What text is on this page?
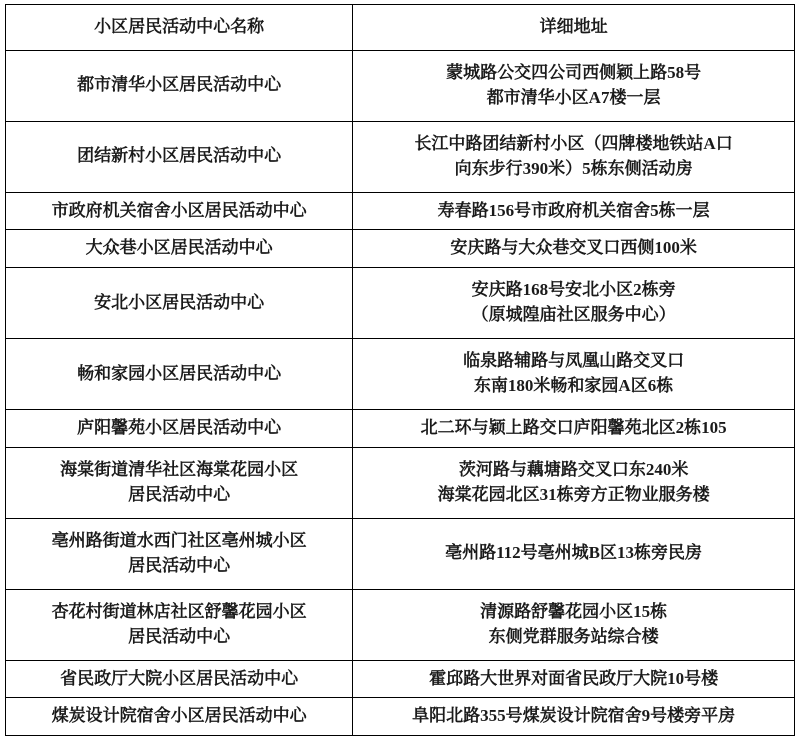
小区居民活动中心名称	详细地址

都市清华小区居民活动中心	蒙城路公交四公司西侧颖上路58号
都市清华小区A7楼一层

团结新村小区居民活动中心	长江中路团结新村小区（四牌楼地铁站A口
向东步行390米）5栋东侧活动房

市政府机关宿舍小区居民活动中心	寿春路156号市政府机关宿舍5栋一层

大众巷小区居民活动中心	安庆路与大众巷交叉口西侧100米

安北小区居民活动中心	安庆路168号安北小区2栋旁
（原城隍庙社区服务中心）

畅和家园小区居民活动中心	临泉路辅路与凤凰山路交叉口
东南180米畅和家园A区6栋

庐阳馨苑小区居民活动中心	北二环与颖上路交口庐阳馨苑北区2栋105

海棠街道清华社区海棠花园小区
居民活动中心	茨河路与藕塘路交叉口东240米
海棠花园北区31栋旁方正物业服务楼

亳州路街道水西门社区亳州城小区
居民活动中心	亳州路112号亳州城B区13栋旁民房

杏花村街道林店社区舒馨花园小区
居民活动中心	清源路舒馨花园小区15栋
东侧党群服务站综合楼

省民政厅大院小区居民活动中心	霍邱路大世界对面省民政厅大院10号楼

煤炭设计院宿舍小区居民活动中心	阜阳北路355号煤炭设计院宿舍9号楼旁平房
